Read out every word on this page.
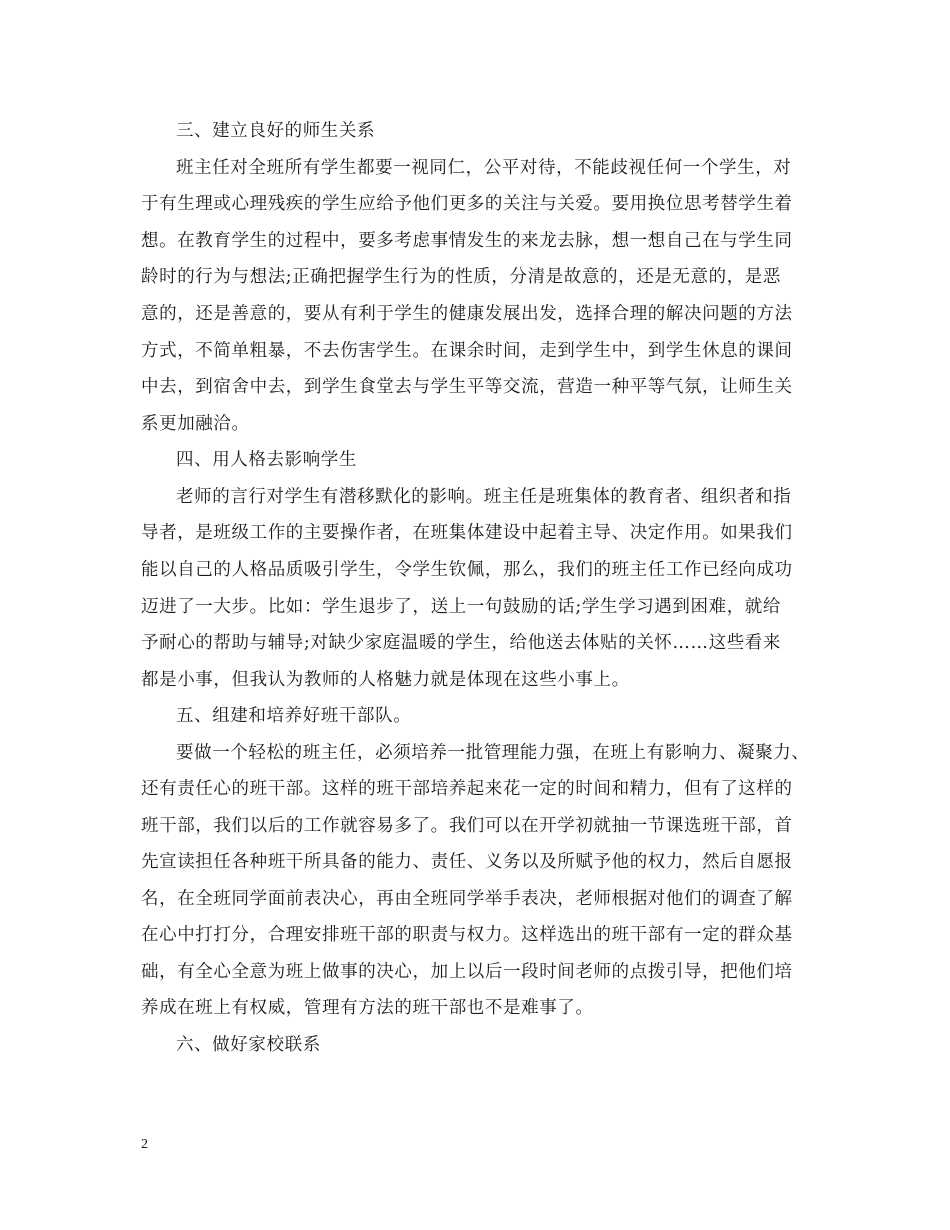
三、建立良好的师生关系
班主任对全班所有学生都要一视同仁，公平对待，不能歧视任何一个学生，对
于有生理或心理残疾的学生应给予他们更多的关注与关爱。要用换位思考替学生着
想。在教育学生的过程中，要多考虑事情发生的来龙去脉，想一想自己在与学生同
龄时的行为与想法;正确把握学生行为的性质，分清是故意的，还是无意的，是恶
意的，还是善意的，要从有利于学生的健康发展出发，选择合理的解决问题的方法
方式，不简单粗暴，不去伤害学生。在课余时间，走到学生中，到学生休息的课间
中去，到宿舍中去，到学生食堂去与学生平等交流，营造一种平等气氛，让师生关
系更加融洽。
四、用人格去影响学生
老师的言行对学生有潜移默化的影响。班主任是班集体的教育者、组织者和指
导者，是班级工作的主要操作者，在班集体建设中起着主导、决定作用。如果我们
能以自己的人格品质吸引学生，令学生钦佩，那么，我们的班主任工作已经向成功
迈进了一大步。比如：学生退步了，送上一句鼓励的话;学生学习遇到困难，就给
予耐心的帮助与辅导;对缺少家庭温暖的学生，给他送去体贴的关怀……这些看来
都是小事，但我认为教师的人格魅力就是体现在这些小事上。
五、组建和培养好班干部队。
要做一个轻松的班主任，必须培养一批管理能力强，在班上有影响力、凝聚力、
还有责任心的班干部。这样的班干部培养起来花一定的时间和精力，但有了这样的
班干部，我们以后的工作就容易多了。我们可以在开学初就抽一节课选班干部，首
先宣读担任各种班干所具备的能力、责任、义务以及所赋予他的权力，然后自愿报
名，在全班同学面前表决心，再由全班同学举手表决，老师根据对他们的调查了解
在心中打打分，合理安排班干部的职责与权力。这样选出的班干部有一定的群众基
础，有全心全意为班上做事的决心，加上以后一段时间老师的点拨引导，把他们培
养成在班上有权威，管理有方法的班干部也不是难事了。
六、做好家校联系
2
